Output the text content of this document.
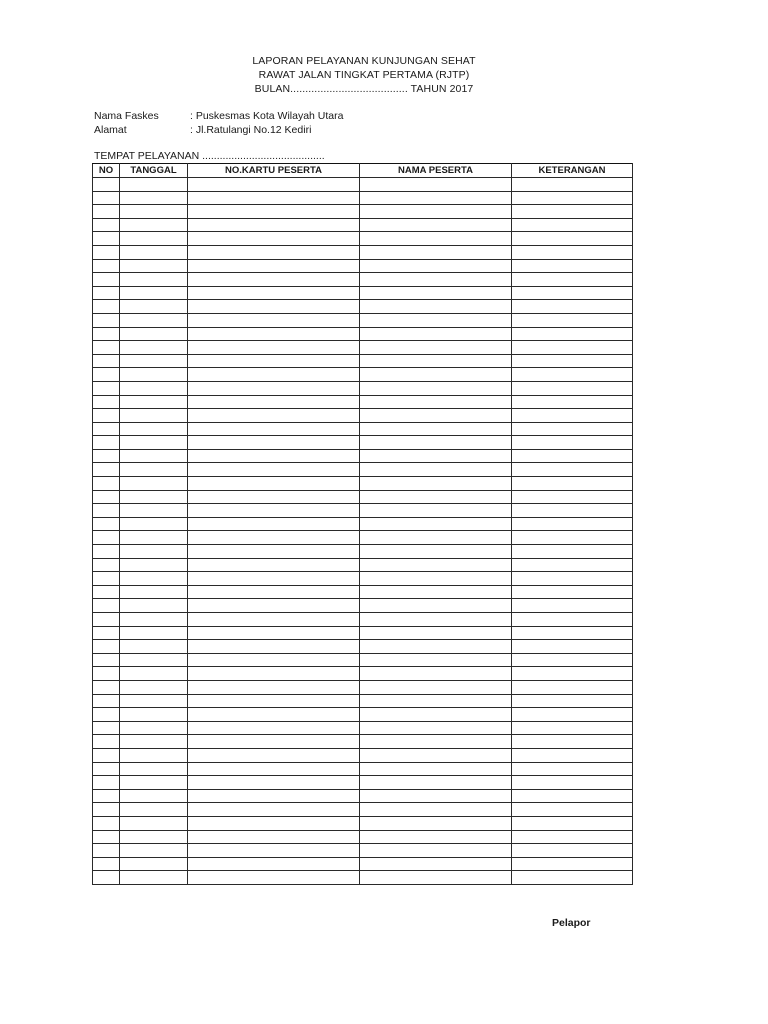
LAPORAN PELAYANAN KUNJUNGAN SEHAT
RAWAT JALAN TINGKAT PERTAMA (RJTP)
BULAN....................................... TAHUN 2017
Nama Faskes	: Puskesmas Kota Wilayah Utara
Alamat	: Jl.Ratulangi No.12 Kediri
TEMPAT PELAYANAN ..........................................
NO	TANGGAL	NO.KARTU PESERTA	NAMA PESERTA	KETERANGAN

Pelapor
